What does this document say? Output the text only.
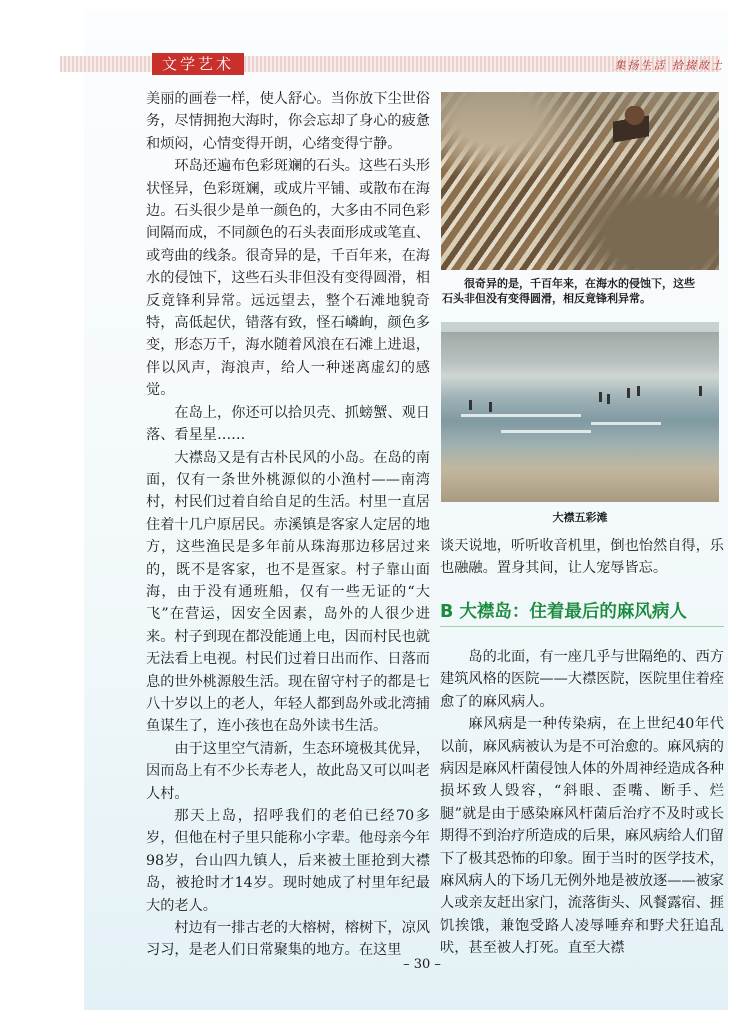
文学艺术	集扬生活 拾掇故土

美丽的画卷一样，使人舒心。当你放下尘世俗务，尽情拥抱大海时，你会忘却了身心的疲惫和烦闷，心情变得开朗，心绪变得宁静。

环岛还遍布色彩斑斓的石头。这些石头形状怪异，色彩斑斓，或成片平铺、或散布在海边。石头很少是单一颜色的，大多由不同色彩间隔而成，不同颜色的石头表面形成或笔直、或弯曲的线条。很奇异的是，千百年来，在海水的侵蚀下，这些石头非但没有变得圆滑，相反竟锋利异常。远远望去，整个石滩地貌奇特，高低起伏，错落有致，怪石嶙峋，颜色多变，形态万千，海水随着风浪在石滩上进退，伴以风声，海浪声，给人一种迷离虚幻的感觉。

在岛上，你还可以拾贝壳、抓螃蟹、观日落、看星星……

大襟岛又是有古朴民风的小岛。在岛的南面，仅有一条世外桃源似的小渔村——南湾村，村民们过着自给自足的生活。村里一直居住着十几户原居民。赤溪镇是客家人定居的地方，这些渔民是多年前从珠海那边移居过来的，既不是客家，也不是疍家。村子靠山面海，由于没有通班船，仅有一些无证的“大飞”在营运，因安全因素，岛外的人很少进来。村子到现在都没能通上电，因而村民也就无法看上电视。村民们过着日出而作、日落而息的世外桃源般生活。现在留守村子的都是七八十岁以上的老人，年轻人都到岛外或北湾捕鱼谋生了，连小孩也在岛外读书生活。

由于这里空气清新，生态环境极其优异，因而岛上有不少长寿老人，故此岛又可以叫老人村。

那天上岛，招呼我们的老伯已经70多岁，但他在村子里只能称小字辈。他母亲今年98岁，台山四九镇人，后来被土匪抢到大襟岛，被抢时才14岁。现时她成了村里年纪最大的老人。

村边有一排古老的大榕树，榕树下，凉风习习，是老人们日常聚集的地方。在这里

很奇异的是，千百年来，在海水的侵蚀下，这些
石头非但没有变得圆滑，相反竟锋利异常。
大襟五彩滩

谈天说地，听听收音机里，倒也怡然自得，乐也融融。置身其间，让人宠辱皆忘。

B 大襟岛：住着最后的麻风病人

岛的北面，有一座几乎与世隔绝的、西方建筑风格的医院——大襟医院，医院里住着痊愈了的麻风病人。

麻风病是一种传染病，在上世纪40年代以前，麻风病被认为是不可治愈的。麻风病的病因是麻风杆菌侵蚀人体的外周神经造成各种损坏致人毁容，“斜眼、歪嘴、断手、烂腿”就是由于感染麻风杆菌后治疗不及时或长期得不到治疗所造成的后果，麻风病给人们留下了极其恐怖的印象。囿于当时的医学技术，麻风病人的下场几无例外地是被放逐——被家人或亲友赶出家门，流落街头、风餐露宿、捱饥挨饿，兼饱受路人凌辱唾弃和野犬狂追乱吠，甚至被人打死。直至大襟

– 30 –
